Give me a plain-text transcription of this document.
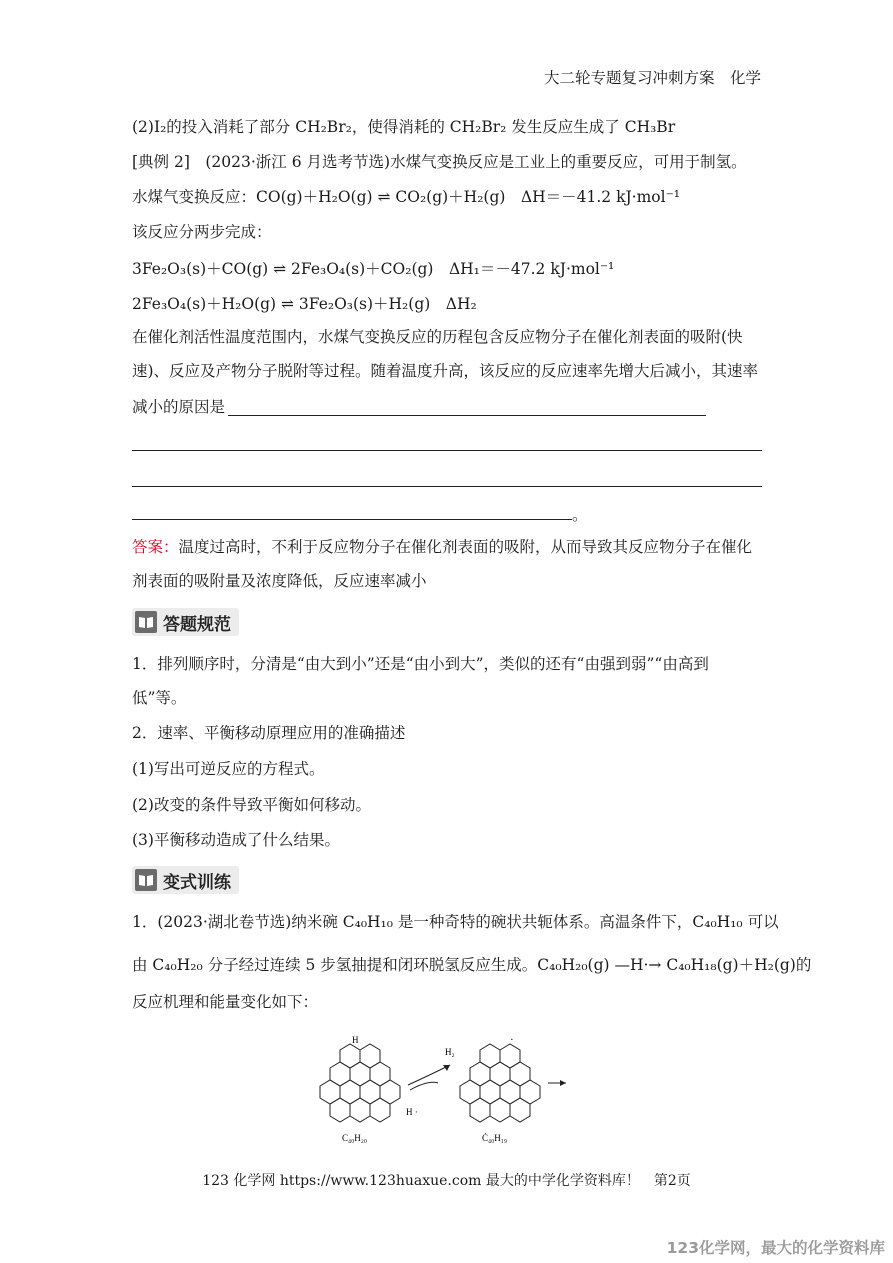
大二轮专题复习冲刺方案　化学
(2)I₂的投入消耗了部分 CH₂Br₂，使得消耗的 CH₂Br₂ 发生反应生成了 CH₃Br
[典例 2]　(2023·浙江 6 月选考节选)水煤气变换反应是工业上的重要反应，可用于制氢。
水煤气变换反应：CO(g)＋H₂O(g) ⇌ CO₂(g)＋H₂(g)　ΔH＝－41.2 kJ·mol⁻¹
该反应分两步完成：
3Fe₂O₃(s)＋CO(g) ⇌ 2Fe₃O₄(s)＋CO₂(g)　ΔH₁＝－47.2 kJ·mol⁻¹
2Fe₃O₄(s)＋H₂O(g) ⇌ 3Fe₂O₃(s)＋H₂(g)　ΔH₂
在催化剂活性温度范围内，水煤气变换反应的历程包含反应物分子在催化剂表面的吸附(快
速)、反应及产物分子脱附等过程。随着温度升高，该反应的反应速率先增大后减小，其速率
减小的原因是
。
答案：温度过高时，不利于反应物分子在催化剂表面的吸附，从而导致其反应物分子在催化
剂表面的吸附量及浓度降低，反应速率减小
答题规范
1．排列顺序时，分清是“由大到小”还是“由小到大”，类似的还有“由强到弱”“由高到
低”等。
2．速率、平衡移动原理应用的准确描述
(1)写出可逆反应的方程式。
(2)改变的条件导致平衡如何移动。
(3)平衡移动造成了什么结果。
变式训练
1．(2023·湖北卷节选)纳米碗 C₄₀H₁₀ 是一种奇特的碗状共轭体系。高温条件下，C₄₀H₁₀ 可以
由 C₄₀H₂₀ 分子经过连续 5 步氢抽提和闭环脱氢反应生成。C₄₀H₂₀(g) —H·→ C₄₀H₁₈(g)＋H₂(g)的
反应机理和能量变化如下：
H
C₄₀H₂₀
H₂
H ·
·
Ċ₄₀H₁₉
123 化学网 https://www.123huaxue.com 最大的中学化学资料库！　第2页
123化学网，最大的化学资料库
